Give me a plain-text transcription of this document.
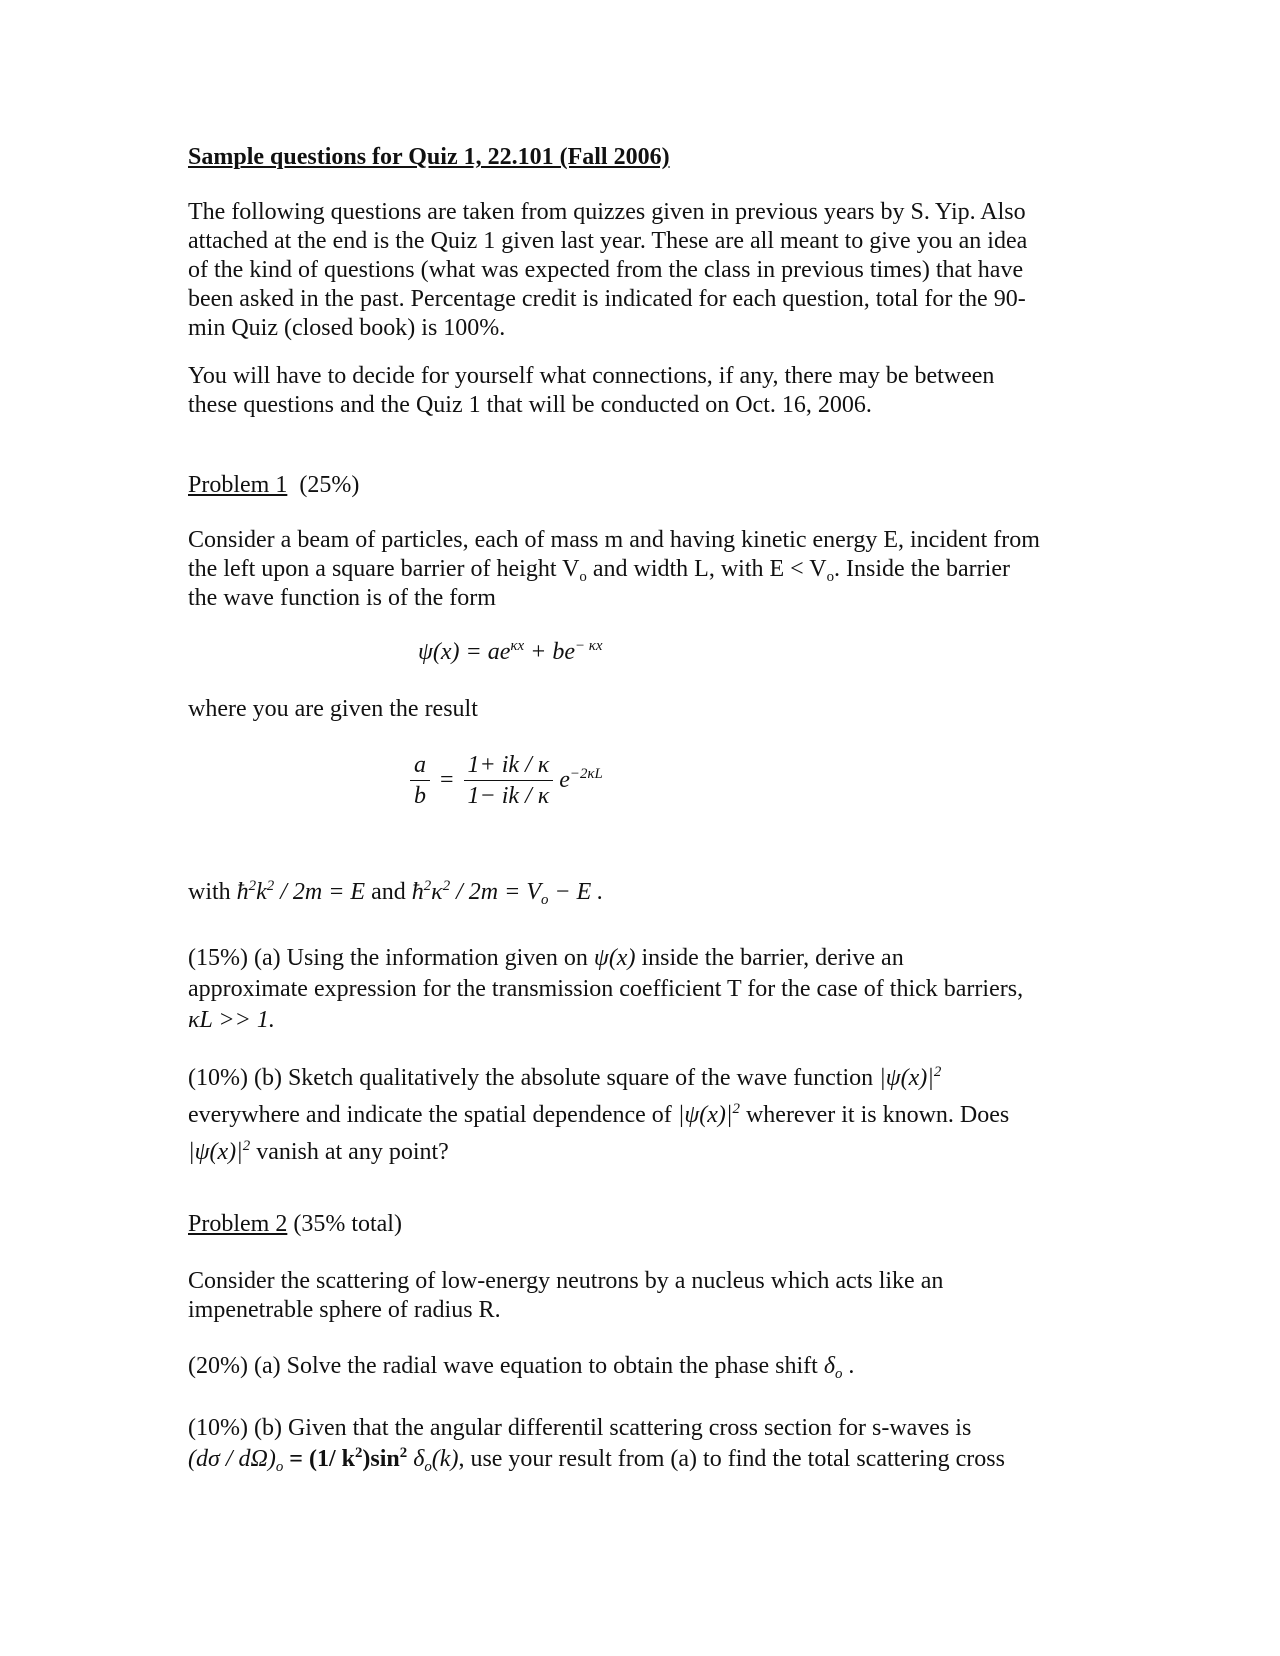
Sample questions for Quiz 1, 22.101 (Fall 2006)

The following questions are taken from quizzes given in previous years by S. Yip. Also
attached at the end is the Quiz 1 given last year. These are all meant to give you an idea
of the kind of questions (what was expected from the class in previous times) that have
been asked in the past. Percentage credit is indicated for each question, total for the 90-
min Quiz (closed book) is 100%.
You will have to decide for yourself what connections, if any, there may be between
these questions and the Quiz 1 that will be conducted on Oct. 16, 2006.

Problem 1 (25%)

Consider a beam of particles, each of mass m and having kinetic energy E, incident from
the left upon a square barrier of height $V_o$ and width L, with $E < V_o$. Inside the barrier
the wave function is of the form
$\psi(x) = ae^{\kappa x} + be^{- \kappa x}$

where you are given the result

$\frac{a}{b} = \frac{1+ ik / \kappa}{1- ik / \kappa} e^{-2\kappa L}$
with $ħ^2k^2 / 2m = E$ and $ħ^2\kappa^2 / 2m = V_o - E$ .
(15%) (a) Using the information given on ψ(x) inside the barrier, derive an
approximate expression for the transmission coefficient T for the case of thick barriers,
κL >> 1.
(10%) (b) Sketch qualitatively the absolute square of the wave function $|\psi(x)|^2$
everywhere and indicate the spatial dependence of $|\psi(x)|^2$ wherever it is known. Does
$|\psi(x)|^2$ vanish at any point?

Problem 2 (35% total)

Consider the scattering of low-energy neutrons by a nucleus which acts like an
impenetrable sphere of radius R.
(20%) (a) Solve the radial wave equation to obtain the phase shift $\delta_o$ .
(10%) (b) Given that the angular differentil scattering cross section for s-waves is
$(d\sigma / d\Omega)_o = (1/$ $k^2)\sin^2$ $\delta_o(k)$, use your result from (a) to find the total scattering cross
